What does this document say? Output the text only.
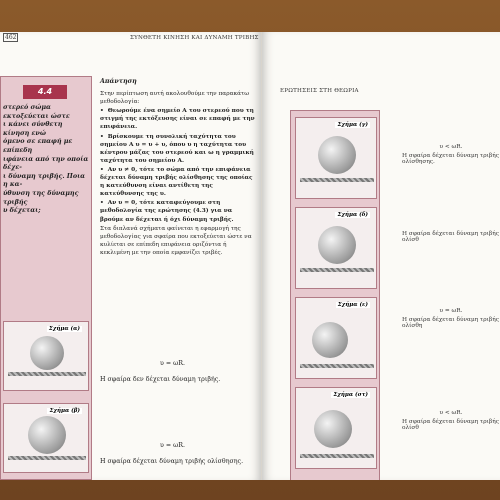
462	ΣΥΝΘΕΤΗ ΚΙΝΗΣΗ ΚΑΙ ΔΥΝΑΜΗ ΤΡΙΒΗΣ
4.4
στερεό σώμα εκτοξεύεται ώστε
ι κάνει σύνθετη κίνηση ενώ
όμενο σε επαφή με επίπεδη
ιφάνεια από την οποία δέχε-
ι δύναμη τριβής. Ποια η κα-
ύθυνση της δύναμης τριβής
υ δέχεται;
Σχήμα (α)
Σχήμα (β)

Απάντηση

Στην περίπτωση αυτή ακολουθούμε την παρακάτω μεθοδολογία:

• Θεωρούμε ένα σημείο Α του στερεού που τη στιγμή της εκτόξευσης είναι σε επαφή με την επιφάνεια.

• Βρίσκουμε τη συνολική ταχύτητα του σημείου Α υ = υ + υ, όπου υ η ταχύτητα του κέντρου μάζας του στερεού και ω η γραμμική ταχύτητα του σημείου Α.

• Αν υ ≠ 0, τότε το σώμα από την επιφάνεια δέχεται δύναμη τριβής ολίσθησης της οποίας η κατεύθυνση είναι αντίθετη της κατεύθυνσης της υ.

• Αν υ = 0, τότε καταφεύγουμε στη μεθοδολογία της ερώτησης (4.3) για να βρούμε αν δέχεται ή όχι δύναμη τριβής.

Στα διπλανά σχήματα φαίνεται η εφαρμογή της μεθοδολογίας για σφαίρα που εκτοξεύεται ώστε να κυλίεται σε επίπεδη επιφάνεια οριζόντια ή κεκλιμένη με την οποία εμφανίζει τριβές.

υ = ωR.
Η σφαίρα δεν δέχεται δύναμη τριβής.
υ = ωR.
Η σφαίρα δέχεται δύναμη τριβής ολίσθησης.
ΕΡΩΤΗΣΕΙΣ ΣΤΗ ΘΕΩΡΙΑ
Σχήμα (γ)
Σχήμα (δ)
Σχήμα (ε)
Σχήμα (στ)
υ < ωR.
Η σφαίρα δέχεται δύναμη τριβής ολίσθησης.
Η σφαίρα δέχεται δύναμη τριβής ολίσθ
υ = ωR.
Η σφαίρα δέχεται δύναμη τριβής ολίσθη
υ < ωR.
Η σφαίρα δέχεται δύναμη τριβής ολίσθ
